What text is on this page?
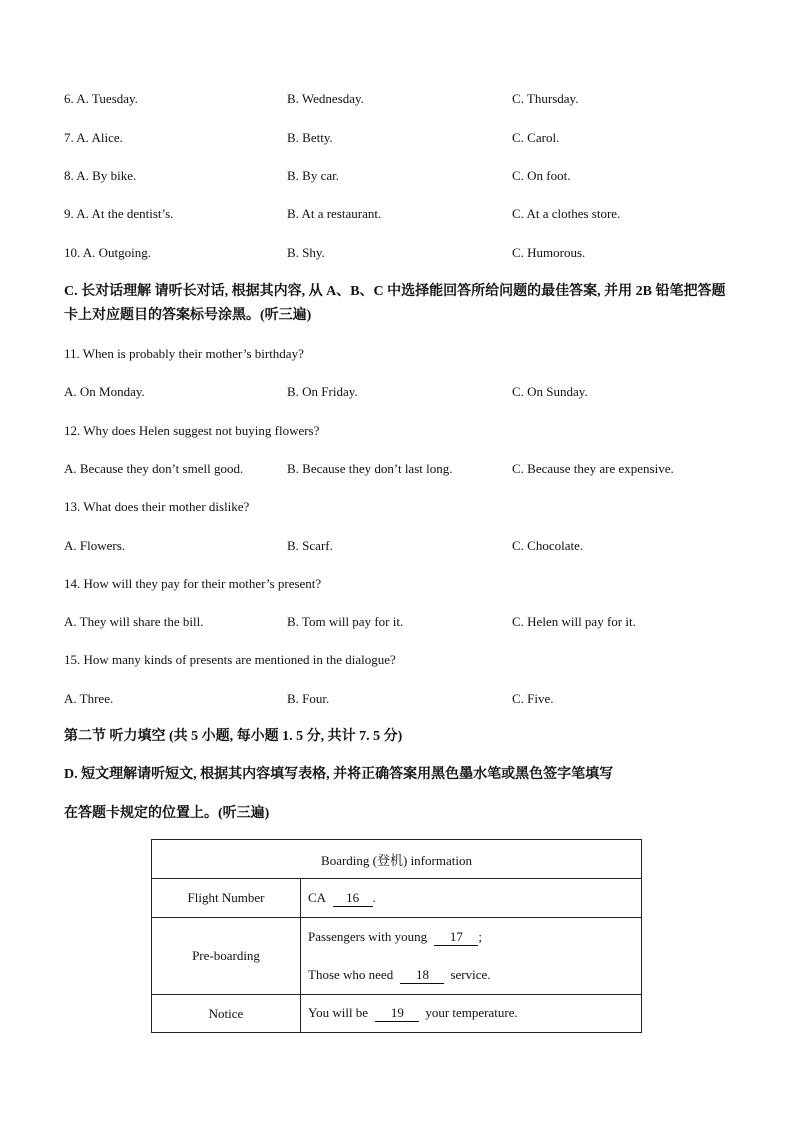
6. A. Tuesday.	B. Wednesday.	C. Thursday.
7. A. Alice.	B. Betty.	C. Carol.
8. A. By bike.	B. By car.	C. On foot.
9. A. At the dentist’s.	B. At a restaurant.	C. At a clothes store.
10. A. Outgoing.	B. Shy.	C. Humorous.
C. 长对话理解 请听长对话, 根据其内容, 从 A、B、C 中选择能回答所给问题的最佳答案, 并用 2B 铅笔把答题卡上对应题目的答案标号涂黑。(听三遍)
11. When is probably their mother’s birthday?
A. On Monday.	B. On Friday.	C. On Sunday.
12. Why does Helen suggest not buying flowers?
A. Because they don’t smell good.	B. Because they don’t last long.	C. Because they are expensive.
13. What does their mother dislike?
A. Flowers.	B. Scarf.	C. Chocolate.
14. How will they pay for their mother’s present?
A. They will share the bill.	B. Tom will pay for it.	C. Helen will pay for it.
15. How many kinds of presents are mentioned in the dialogue?
A. Three.	B. Four.	C. Five.
第二节 听力填空 (共 5 小题, 每小题 1. 5 分, 共计 7. 5 分)
D. 短文理解请听短文, 根据其内容填写表格, 并将正确答案用黑色墨水笔或黑色签字笔填写
在答题卡规定的位置上。(听三遍)
Boarding (登机) information	
Flight Number	CA 16 .
Pre-boarding	Passengers with young 17 ;
Those who need 18 service.

Notice	You will be 19 your temperature.
